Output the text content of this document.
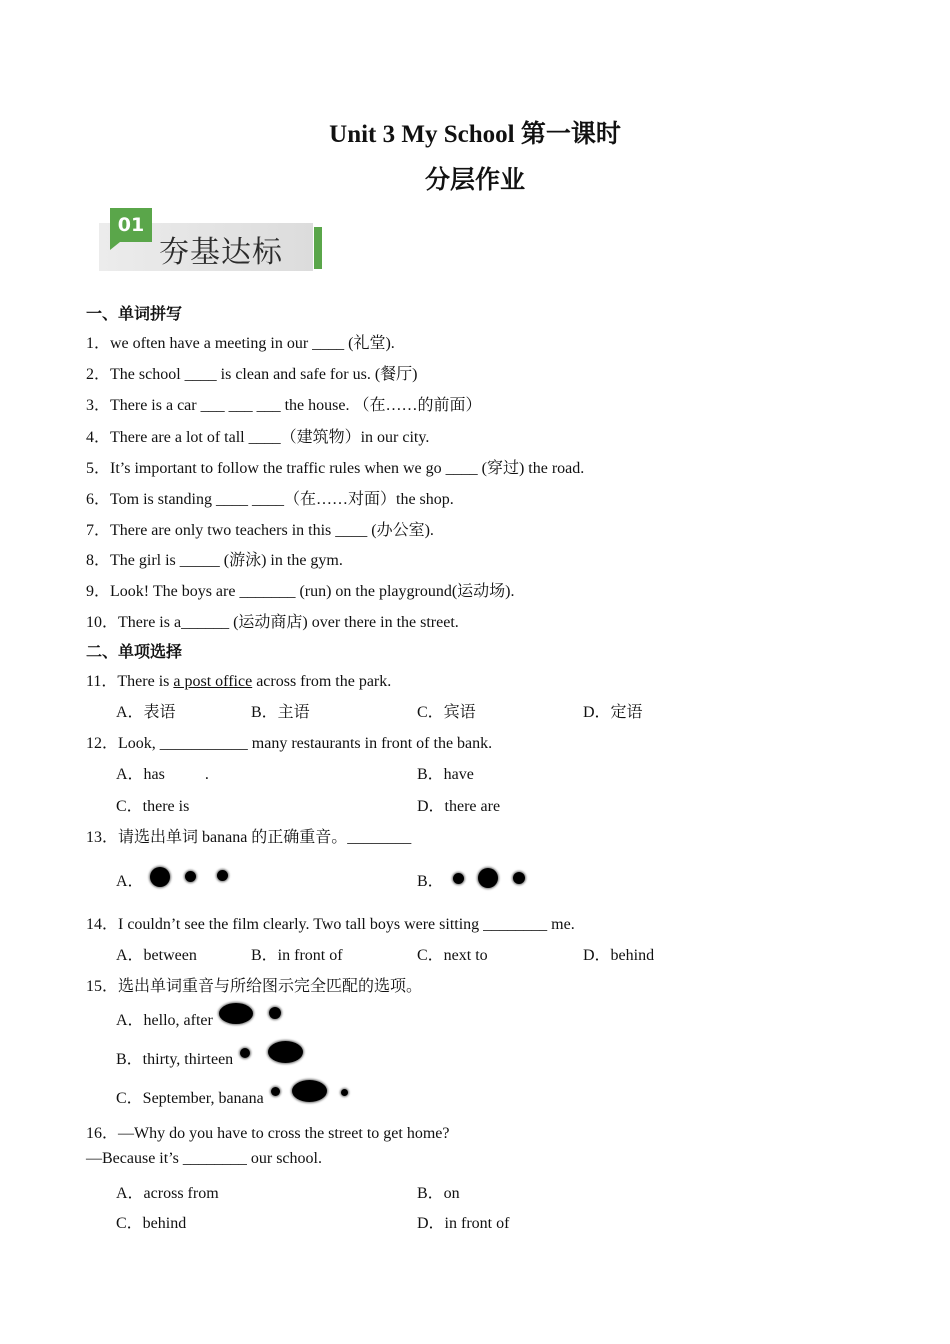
Unit 3 My School 第一课时
分层作业
01
夯基达标
一、单词拼写
1．we often have a meeting in our ____ (礼堂).
2．The school ____ is clean and safe for us. (餐厅)
3．There is a car ___ ___ ___ the house. （在……的前面）
4．There are a lot of tall ____（建筑物）in our city.
5．It’s important to follow the traffic rules when we go ____ (穿过) the road.
6．Tom is standing ____ ____（在……对面）the shop.
7．There are only two teachers in this ____ (办公室).
8．The girl is _____ (游泳) in the gym.
9．Look! The boys are _______ (run) on the playground(运动场).
10．There is a______ (运动商店) over there in the street.
二、单项选择
11．There is a post office across from the park.
A．表语	B．主语	C．宾语	D．定语
12．Look, ___________ many restaurants in front of the bank.
A．has          .	B．have
C．there is	D．there are
13．请选出单词 banana 的正确重音。________
A．	B．
14．I couldn’t see the film clearly. Two tall boys were sitting ________ me.
A．between	B．in front of	C．next to	D．behind
15．选出单词重音与所给图示完全匹配的选项。
A．hello, after
B．thirty, thirteen
C．September, banana
16．—Why do you have to cross the street to get home?
—Because it’s ________ our school.
A．across from	B．on
C．behind	D．in front of
